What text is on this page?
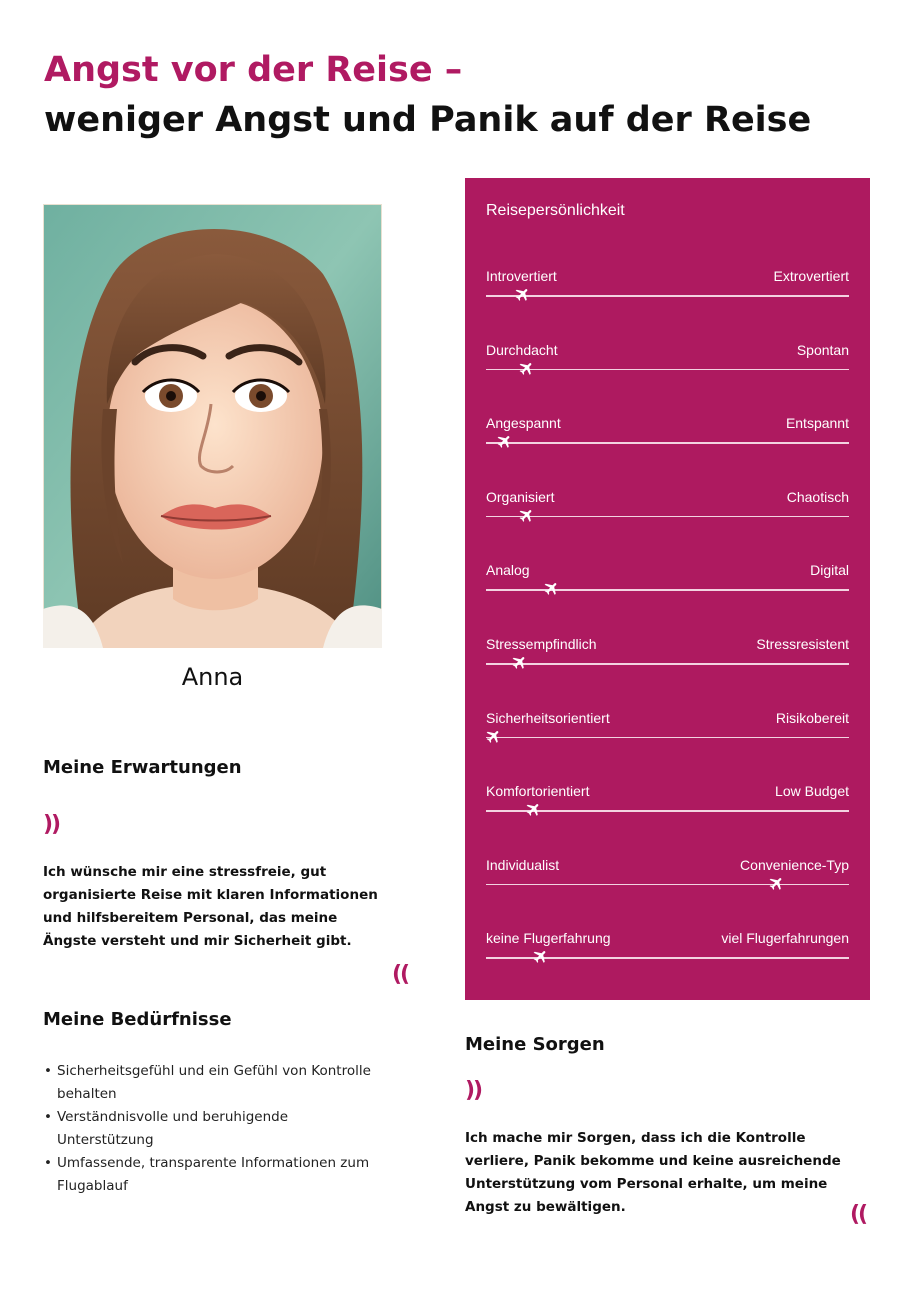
Angst vor der Reise –
weniger Angst und Panik auf der Reise
Anna
Meine Erwartungen
))

Ich wünsche mir eine stressfreie, gut organisierte Reise mit klaren Informationen und hilfsbereitem Personal, das meine Ängste versteht und mir Sicherheit gibt.

((
Meine Bedürfnisse
• Sicherheitsgefühl und ein Gefühl von Kontrolle behalten
• Verständnisvolle und beruhigende Unterstützung
• Umfassende, transparente Informationen zum Flugablauf
Reisepersönlichkeit
Introvertiert	Extrovertiert
Durchdacht	Spontan
Angespannt	Entspannt
Organisiert	Chaotisch
Analog	Digital
Stressempfindlich	Stressresistent
Sicherheitsorientiert	Risikobereit
Komfortorientiert	Low Budget
Individualist	Convenience-Typ
keine Flugerfahrung	viel Flugerfahrungen
Meine Sorgen
))

Ich mache mir Sorgen, dass ich die Kontrolle verliere, Panik bekomme und keine ausreichende Unterstützung vom Personal erhalte, um meine Angst zu bewältigen.	((
